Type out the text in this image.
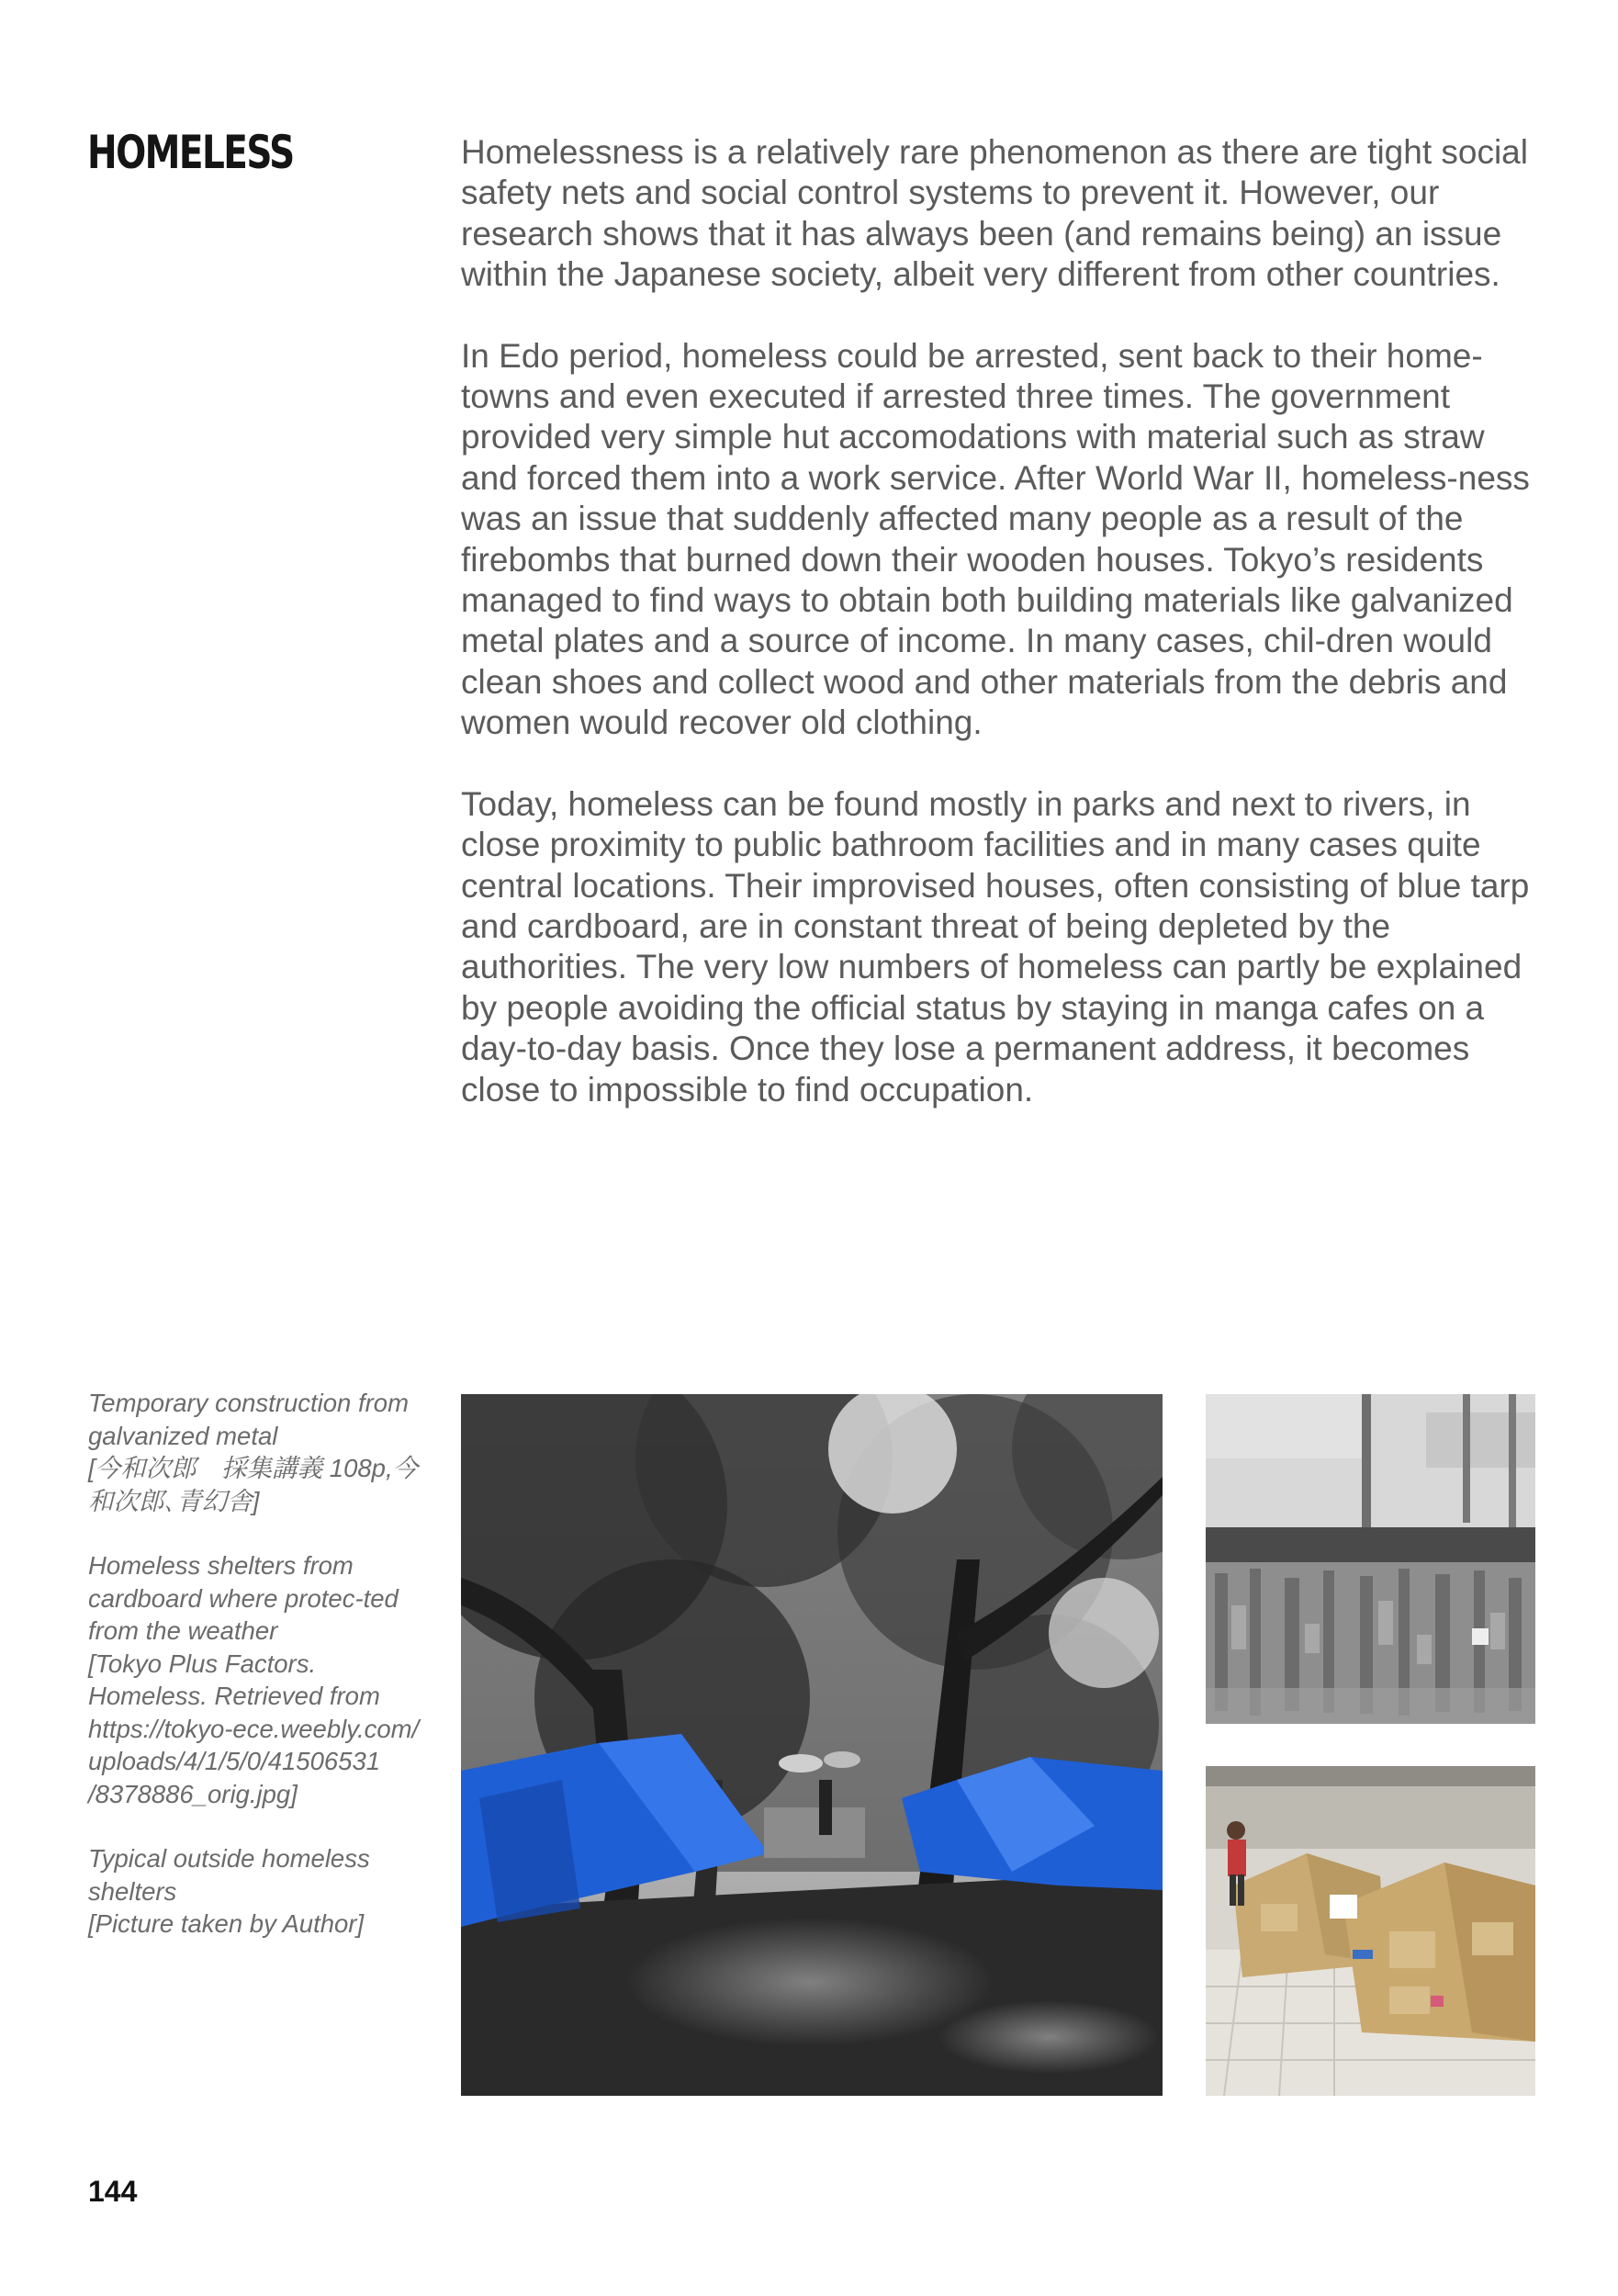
HOMELESS	Homelessness is a relatively rare phenomenon as there are tight social safety nets and social control systems to prevent it. However, our research shows that it has always been (and remains being) an issue within the Japanese society, albeit very different from other countries.

In Edo period, homeless could be arrested, sent back to their home-towns and even executed if arrested three times. The government provided very simple hut accomodations with material such as straw and forced them into a work service. After World War II, homeless-ness was an issue that suddenly affected many people as a result of the firebombs that burned down their wooden houses. Tokyo’s residents managed to find ways to obtain both building materials like galvanized metal plates and a source of income. In many cases, chil-dren would clean shoes and collect wood and other materials from the debris and women would recover old clothing.

Today, homeless can be found mostly in parks and next to rivers, in close proximity to public bathroom facilities and in many cases quite central locations. Their improvised houses, often consisting of blue tarp and cardboard, are in constant threat of being depleted by the authorities. The very low numbers of homeless can partly be explained by people avoiding the official status by staying in manga cafes on a day-to-day basis. Once they lose a permanent address, it becomes close to impossible to find occupation.

Temporary construction from galvanized metal
[今和次郎　採集講義 108p,今和次郎､青幻舎]

Homeless shelters from cardboard where protec-ted from the weather
[Tokyo Plus Factors. Homeless. Retrieved from https://tokyo-ece.weebly.com/ uploads/4/1/5/0/41506531 /8378886_orig.jpg]

Typical outside homeless shelters
[Picture taken by Author]

144
